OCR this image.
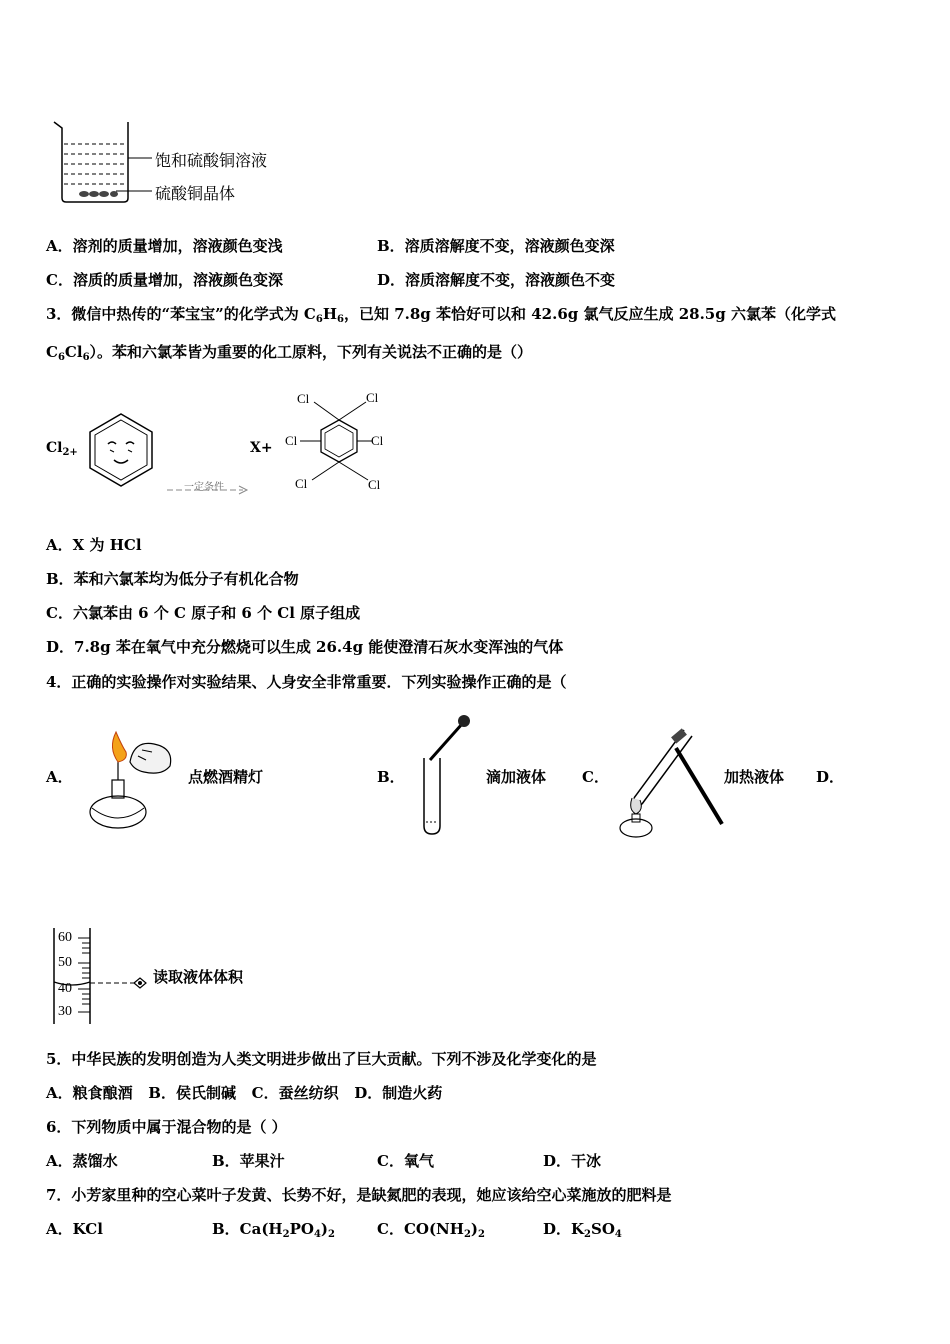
饱和硫酸铜溶液
硫酸铜晶体
A．溶剂的质量增加，溶液颜色变浅	B．溶质溶解度不变，溶液颜色变深
C．溶质的质量增加，溶液颜色变深	D．溶质溶解度不变，溶液颜色不变
3．微信中热传的“苯宝宝”的化学式为 $C_6H_6$，已知 7.8g 苯恰好可以和 42.6g 氯气反应生成 28.5g 六氯苯（化学式
$C_6Cl_6$）。苯和六氯苯皆为重要的化工原料，下列有关说法不正确的是（）
$Cl_{2+}$
一定条件
X+
Cl	Cl
Cl	Cl
Cl	Cl
A．X 为 HCl
B．苯和六氯苯均为低分子有机化合物
C．六氯苯由 6 个 C 原子和 6 个 Cl 原子组成
D．7.8g 苯在氧气中充分燃烧可以生成 26.4g 能使澄清石灰水变浑浊的气体
4．正确的实验操作对实验结果、人身安全非常重要．下列实验操作正确的是（
A．	点燃酒精灯	B．	滴加液体 C．	加热液体 D．
60
50
40
30
读取液体体积
5．中华民族的发明创造为人类文明进步做出了巨大贡献。下列不涉及化学变化的是
A．粮食酿酒   B．侯氏制碱   C．蚕丝纺织   D．制造火药
6．下列物质中属于混合物的是（ ）
A．蒸馏水	B．苹果汁	C．氧气	D．干冰
7．小芳家里种的空心菜叶子发黄、长势不好，是缺氮肥的表现，她应该给空心菜施放的肥料是
A．KCl	B．$Ca(H_2PO_4)_2$	C．$CO(NH_2)_2$	D．$K_2SO_4$
